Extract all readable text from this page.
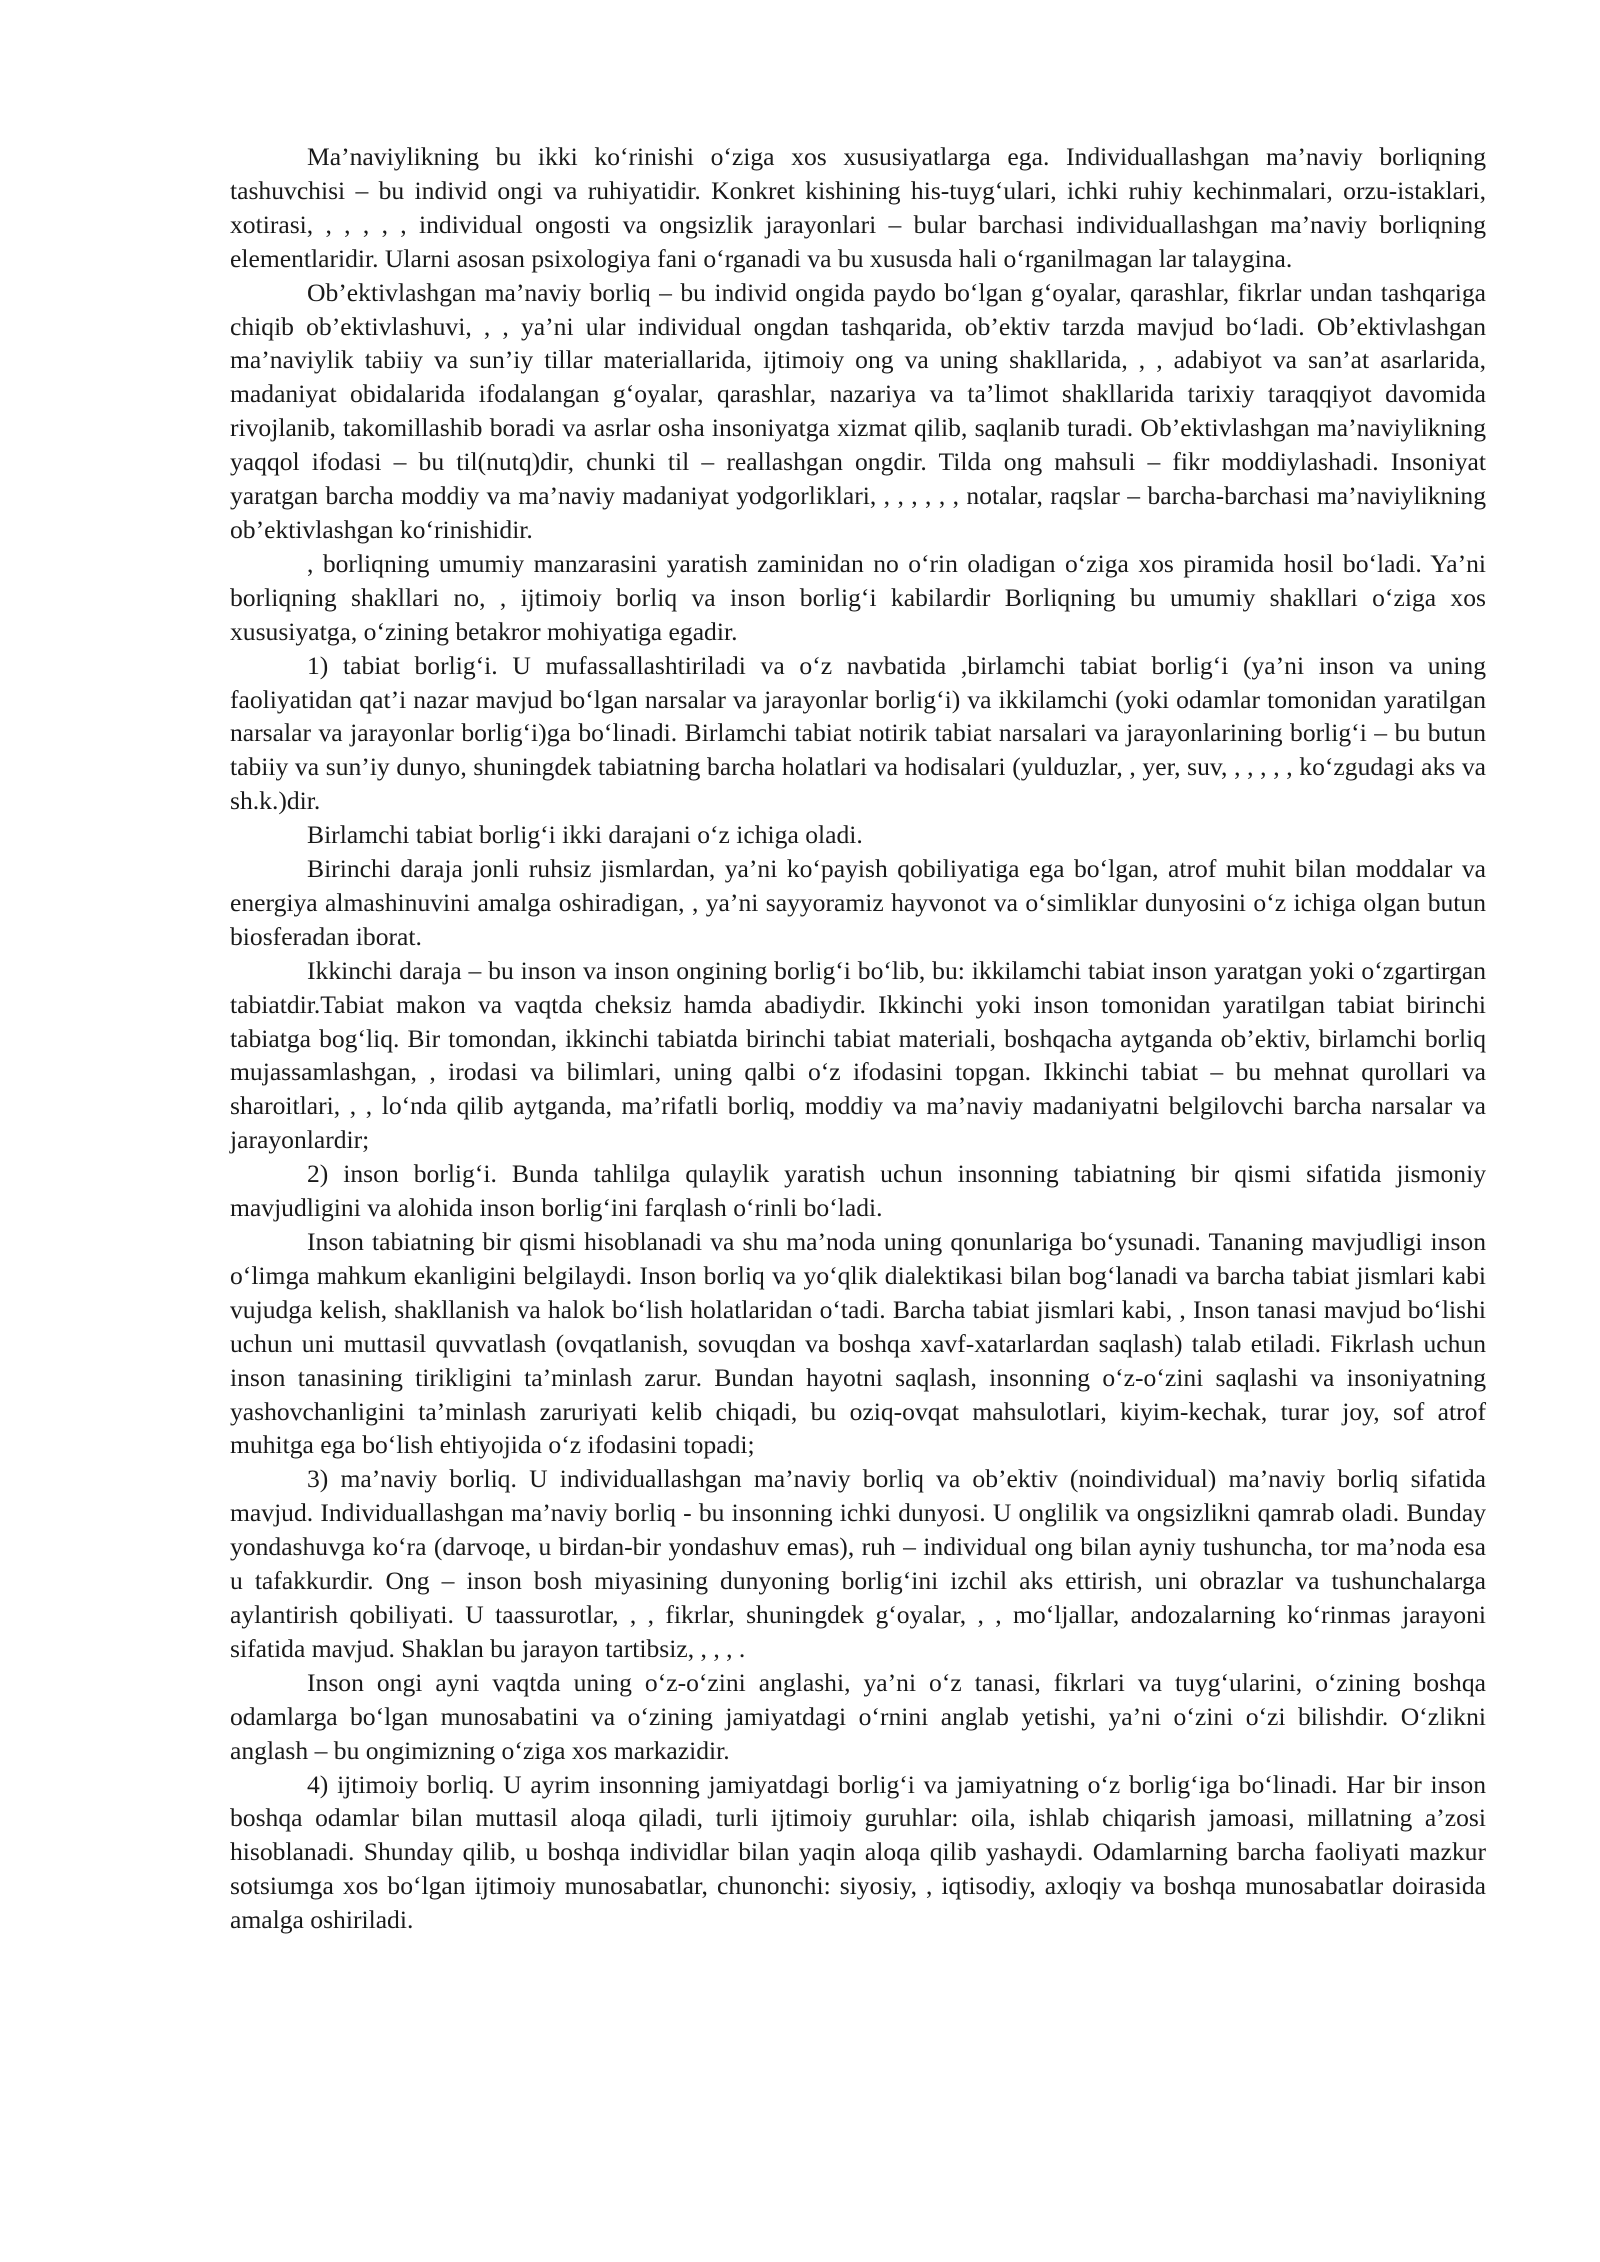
Ma’naviylikning bu ikki ko‘rinishi o‘ziga xos xususiyatlarga ega. Individuallashgan ma’naviy borliqning tashuvchisi – bu individ ongi va ruhiyatidir. Konkret kishining his-tuyg‘ulari, ichki ruhiy kechinmalari, orzu-istaklari, xotirasi, , , , , , individual ongosti va ongsizlik jarayonlari – bular barchasi individuallashgan ma’naviy borliqning elementlaridir. Ularni asosan psixologiya fani o‘rganadi va bu xususda hali o‘rganilmagan lar talaygina.

Ob’ektivlashgan ma’naviy borliq – bu individ ongida paydo bo‘lgan g‘oyalar, qarashlar, fikrlar undan tashqariga chiqib ob’ektivlashuvi, , , ya’ni ular individual ongdan tashqarida, ob’ektiv tarzda mavjud bo‘ladi. Ob’ektivlashgan ma’naviylik tabiiy va sun’iy tillar materiallarida, ijtimoiy ong va uning shakllarida, , , adabiyot va san’at asarlarida, madaniyat obidalarida ifodalangan g‘oyalar, qarashlar, nazariya va ta’limot shakllarida tarixiy taraqqiyot davomida rivojlanib, takomillashib boradi va asrlar osha insoniyatga xizmat qilib, saqlanib turadi. Ob’ektivlashgan ma’naviylikning yaqqol ifodasi – bu til(nutq)dir, chunki til – reallashgan ongdir. Tilda ong mahsuli – fikr moddiylashadi. Insoniyat yaratgan barcha moddiy va ma’naviy madaniyat yodgorliklari, , , , , , , notalar, raqslar – barcha-barchasi ma’naviylikning ob’ektivlashgan ko‘rinishidir.

, borliqning umumiy manzarasini yaratish zaminidan no o‘rin oladigan o‘ziga xos piramida hosil bo‘ladi. Ya’ni borliqning shakllari no, , ijtimoiy borliq va inson borlig‘i kabilardir Borliqning bu umumiy shakllari o‘ziga xos xususiyatga, o‘zining betakror mohiyatiga egadir.

1) tabiat borlig‘i. U mufassallashtiriladi va o‘z navbatida ,birlamchi tabiat borlig‘i (ya’ni inson va uning faoliyatidan qat’i nazar mavjud bo‘lgan narsalar va jarayonlar borlig‘i) va ikkilamchi (yoki odamlar tomonidan yaratilgan narsalar va jarayonlar borlig‘i)ga bo‘linadi. Birlamchi tabiat notirik tabiat narsalari va jarayonlarining borlig‘i – bu butun tabiiy va sun’iy dunyo, shuningdek tabiatning barcha holatlari va hodisalari (yulduzlar, , yer, suv, , , , , , ko‘zgudagi aks va sh.k.)dir.

Birlamchi tabiat borlig‘i ikki darajani o‘z ichiga oladi.

Birinchi daraja jonli ruhsiz jismlardan, ya’ni ko‘payish qobiliyatiga ega bo‘lgan, atrof muhit bilan moddalar va energiya almashinuvini amalga oshiradigan, , ya’ni sayyoramiz hayvonot va o‘simliklar dunyosini o‘z ichiga olgan butun biosferadan iborat.

Ikkinchi daraja – bu inson va inson ongining borlig‘i bo‘lib, bu: ikkilamchi tabiat inson yaratgan yoki o‘zgartirgan tabiatdir.Tabiat makon va vaqtda cheksiz hamda abadiydir. Ikkinchi yoki inson tomonidan yaratilgan tabiat birinchi tabiatga bog‘liq. Bir tomondan, ikkinchi tabiatda birinchi tabiat materiali, boshqacha aytganda ob’ektiv, birlamchi borliq mujassamlashgan, , irodasi va bilimlari, uning qalbi o‘z ifodasini topgan. Ikkinchi tabiat – bu mehnat qurollari va sharoitlari, , , lo‘nda qilib aytganda, ma’rifatli borliq, moddiy va ma’naviy madaniyatni belgilovchi barcha narsalar va jarayonlardir;

2) inson borlig‘i. Bunda tahlilga qulaylik yaratish uchun insonning tabiatning bir qismi sifatida jismoniy mavjudligini va alohida inson borlig‘ini farqlash o‘rinli bo‘ladi.

Inson tabiatning bir qismi hisoblanadi va shu ma’noda uning qonunlariga bo‘ysunadi. Tananing mavjudligi inson o‘limga mahkum ekanligini belgilaydi. Inson borliq va yo‘qlik dialektikasi bilan bog‘lanadi va barcha tabiat jismlari kabi vujudga kelish, shakllanish va halok bo‘lish holatlaridan o‘tadi. Barcha tabiat jismlari kabi, , Inson tanasi mavjud bo‘lishi uchun uni muttasil quvvatlash (ovqatlanish, sovuqdan va boshqa xavf-xatarlardan saqlash) talab etiladi. Fikrlash uchun inson tanasining tirikligini ta’minlash zarur. Bundan hayotni saqlash, insonning o‘z-o‘zini saqlashi va insoniyatning yashovchanligini ta’minlash zaruriyati kelib chiqadi, bu oziq-ovqat mahsulotlari, kiyim-kechak, turar joy, sof atrof muhitga ega bo‘lish ehtiyojida o‘z ifodasini topadi;

3) ma’naviy borliq. U individuallashgan ma’naviy borliq va ob’ektiv (noindividual) ma’naviy borliq sifatida mavjud. Individuallashgan ma’naviy borliq - bu insonning ichki dunyosi. U onglilik va ongsizlikni qamrab oladi. Bunday yondashuvga ko‘ra (darvoqe, u birdan-bir yondashuv emas), ruh – individual ong bilan ayniy tushuncha, tor ma’noda esa u tafakkurdir. Ong – inson bosh miyasining dunyoning borlig‘ini izchil aks ettirish, uni obrazlar va tushunchalarga aylantirish qobiliyati. U taassurotlar, , , fikrlar, shuningdek g‘oyalar, , , mo‘ljallar, andozalarning ko‘rinmas jarayoni sifatida mavjud. Shaklan bu jarayon tartibsiz, , , , .

Inson ongi ayni vaqtda uning o‘z-o‘zini anglashi, ya’ni o‘z tanasi, fikrlari va tuyg‘ularini, o‘zining boshqa odamlarga bo‘lgan munosabatini va o‘zining jamiyatdagi o‘rnini anglab yetishi, ya’ni o‘zini o‘zi bilishdir. O‘zlikni anglash – bu ongimizning o‘ziga xos markazidir.

4) ijtimoiy borliq. U ayrim insonning jamiyatdagi borlig‘i va jamiyatning o‘z borlig‘iga bo‘linadi. Har bir inson boshqa odamlar bilan muttasil aloqa qiladi, turli ijtimoiy guruhlar: oila, ishlab chiqarish jamoasi, millatning a’zosi hisoblanadi. Shunday qilib, u boshqa individlar bilan yaqin aloqa qilib yashaydi. Odamlarning barcha faoliyati mazkur sotsiumga xos bo‘lgan ijtimoiy munosabatlar, chunonchi: siyosiy, , iqtisodiy, axloqiy va boshqa munosabatlar doirasida amalga oshiriladi.
